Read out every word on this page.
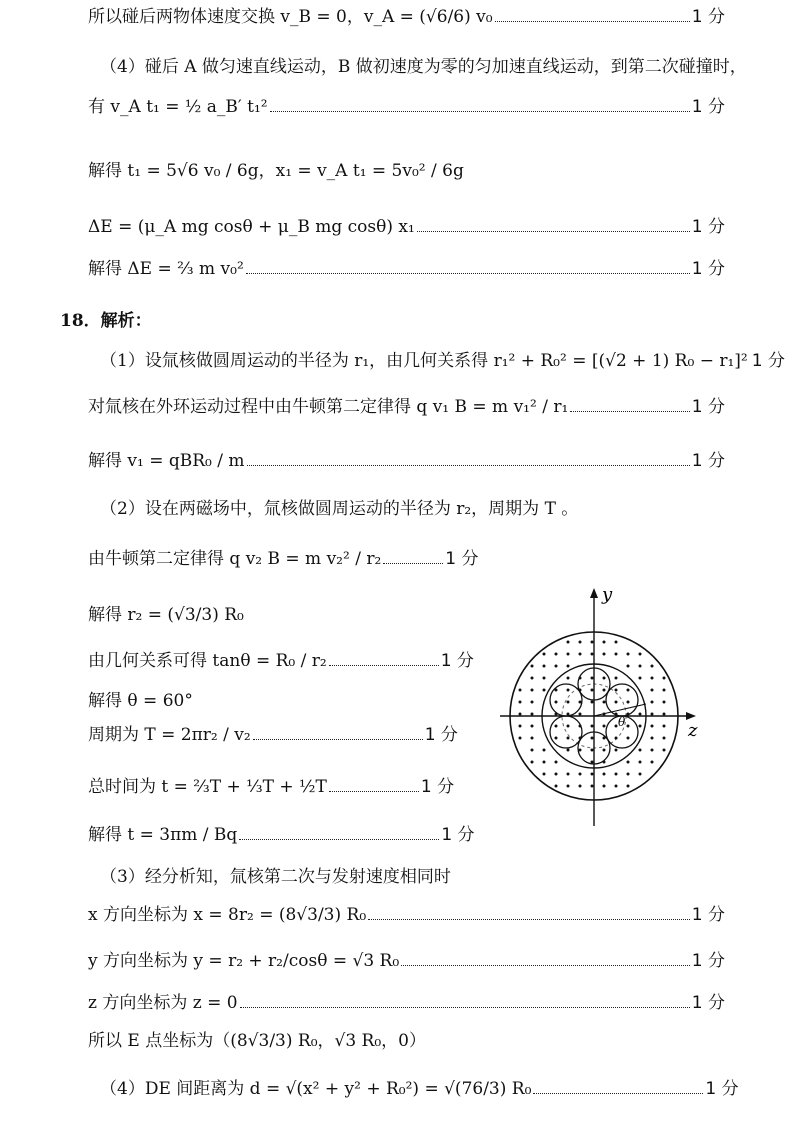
所以碰后两物体速度交换 v_B = 0，v_A = (√6/6) v₀	1 分
（4）碰后 A 做匀速直线运动，B 做初速度为零的匀加速直线运动，到第二次碰撞时，
有 v_A t₁ = ½ a_B′ t₁²	1 分
解得 t₁ = 5√6 v₀ / 6g，x₁ = v_A t₁ = 5v₀² / 6g
ΔE = (μ_A mg cosθ + μ_B mg cosθ) x₁	1 分
解得 ΔE = ⅔ m v₀²	1 分
18．解析：
（1）设氚核做圆周运动的半径为 r₁，由几何关系得 r₁² + R₀² = [(√2 + 1) R₀ − r₁]² 1 分
对氚核在外环运动过程中由牛顿第二定律得 q v₁ B = m v₁² / r₁	1 分
解得 v₁ = qBR₀ / m	1 分
（2）设在两磁场中，氚核做圆周运动的半径为 r₂，周期为 T 。
由牛顿第二定律得 q v₂ B = m v₂² / r₂	1 分
解得 r₂ = (√3/3) R₀
由几何关系可得 tanθ = R₀ / r₂	1 分
解得 θ = 60°
周期为 T = 2πr₂ / v₂	1 分
总时间为 t = ⅔T + ⅓T + ½T	1 分
解得 t = 3πm / Bq	1 分
（3）经分析知，氚核第二次与发射速度相同时
x 方向坐标为 x = 8r₂ = (8√3/3) R₀	1 分
y 方向坐标为 y = r₂ + r₂/cosθ = √3 R₀	1 分
z 方向坐标为 z = 0	1 分
所以 E 点坐标为（(8√3/3) R₀，√3 R₀，0）
（4）DE 间距离为 d = √(x² + y² + R₀²) = √(76/3) R₀	1 分
y
z
θ
